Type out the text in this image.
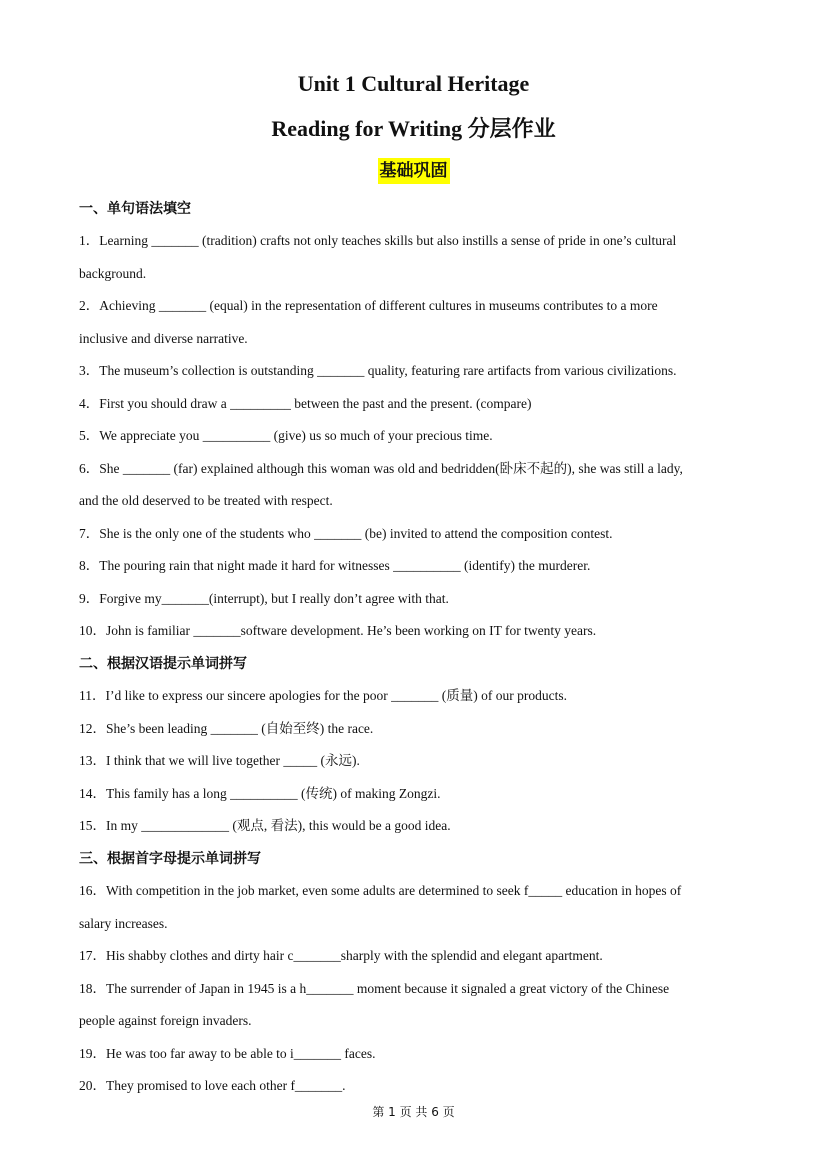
Unit 1 Cultural Heritage
Reading for Writing 分层作业
基础巩固
一、单句语法填空

1．Learning _______ (tradition) crafts not only teaches skills but also instills a sense of pride in one’s cultural

background.

2．Achieving _______ (equal) in the representation of different cultures in museums contributes to a more

inclusive and diverse narrative.

3．The museum’s collection is outstanding _______ quality, featuring rare artifacts from various civilizations.

4．First you should draw a _________ between the past and the present. (compare)

5．We appreciate you __________ (give) us so much of your precious time.

6．She _______ (far) explained although this woman was old and bedridden(卧床不起的), she was still a lady,

and the old deserved to be treated with respect.

7．She is the only one of the students who _______ (be) invited to attend the composition contest.

8．The pouring rain that night made it hard for witnesses __________ (identify) the murderer.

9．Forgive my_______(interrupt), but I really don’t agree with that.

10．John is familiar _______software development. He’s been working on IT for twenty years.

二、根据汉语提示单词拼写

11．I’d like to express our sincere apologies for the poor _______ (质量) of our products.

12．She’s been leading _______ (自始至终) the race.

13．I think that we will live together _____ (永远).

14．This family has a long __________ (传统) of making Zongzi.

15．In my _____________ (观点, 看法), this would be a good idea.

三、根据首字母提示单词拼写

16．With competition in the job market, even some adults are determined to seek f_____ education in hopes of

salary increases.

17．His shabby clothes and dirty hair c_______sharply with the splendid and elegant apartment.

18．The surrender of Japan in 1945 is a h_______ moment because it signaled a great victory of the Chinese

people against foreign invaders.

19．He was too far away to be able to i_______ faces.

20．They promised to love each other f_______.

第 1 页 共 6 页
